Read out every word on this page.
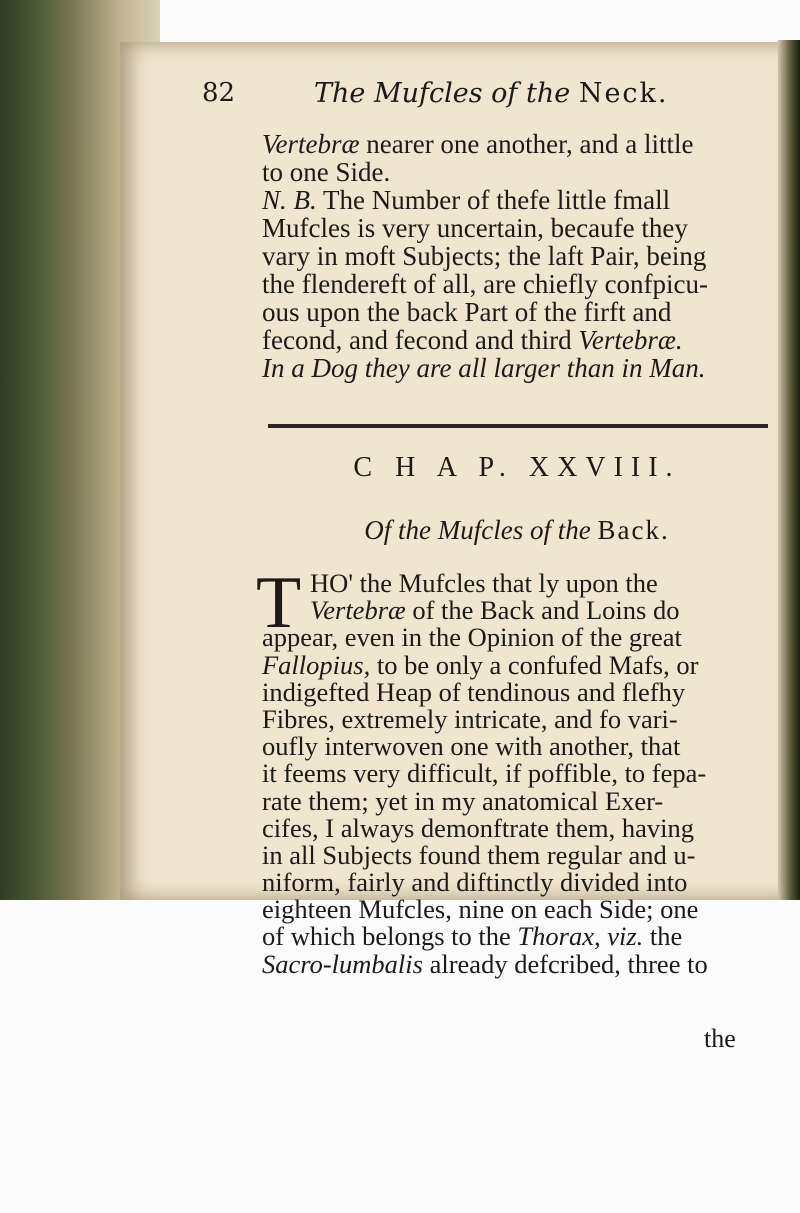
82	The Mufcles of the Neck.
Vertebræ nearer one another, and a little
to one Side.
N. B. The Number of thefe little fmall
Mufcles is very uncertain, becaufe they
vary in moft Subjects; the laft Pair, being
the flendereft of all, are chiefly confpicu-
ous upon the back Part of the firft and
fecond, and fecond and third Vertebræ.
In a Dog they are all larger than in Man.
C H A P. XXVIII.
Of the Mufcles of the Back.
T HO' the Mufcles that ly upon the
Vertebræ of the Back and Loins do
appear, even in the Opinion of the great
Fallopius, to be only a confufed Mafs, or
indigefted Heap of tendinous and flefhy
Fibres, extremely intricate, and fo vari-
oufly interwoven one with another, that
it feems very difficult, if poffible, to fepa-
rate them; yet in my anatomical Exer-
cifes, I always demonftrate them, having
in all Subjects found them regular and u-
niform, fairly and diftinctly divided into
eighteen Mufcles, nine on each Side; one
of which belongs to the Thorax, viz. the
Sacro-lumbalis already defcribed, three to
the
